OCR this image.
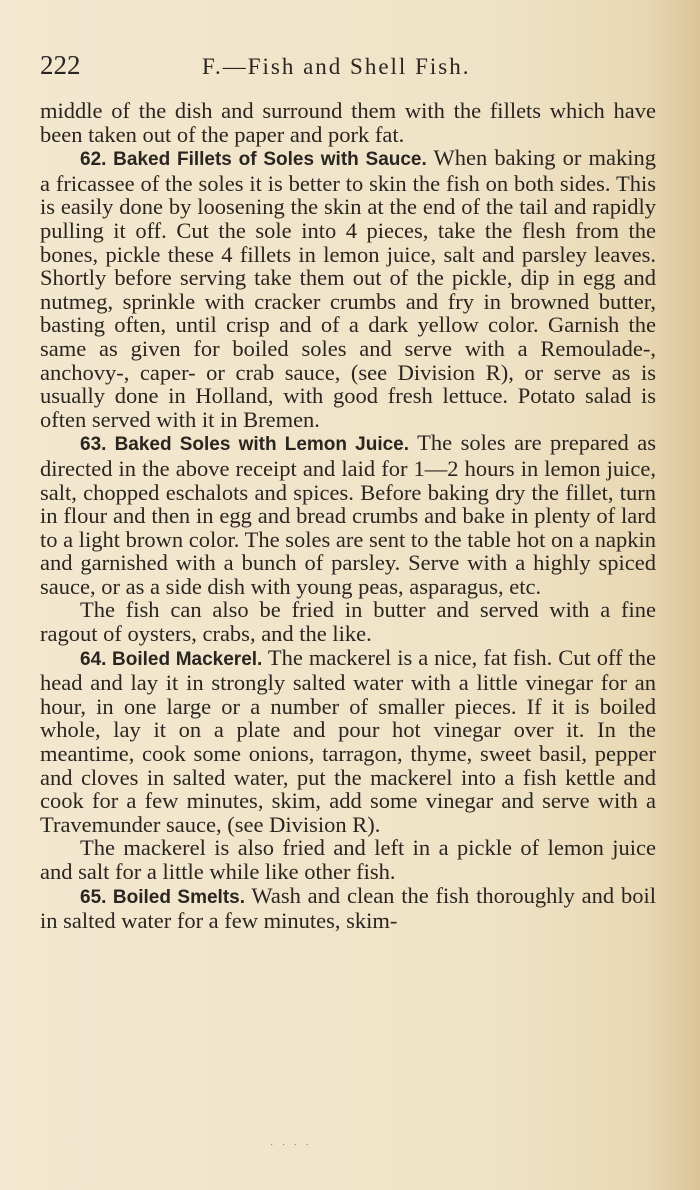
222	F.—Fish and Shell Fish.

middle of the dish and surround them with the fillets which have been taken out of the paper and pork fat.

62. Baked Fillets of Soles with Sauce. When baking or making a fricassee of the soles it is better to skin the fish on both sides. This is easily done by loosening the skin at the end of the tail and rapidly pulling it off. Cut the sole into 4 pieces, take the flesh from the bones, pickle these 4 fillets in lemon juice, salt and parsley leaves. Shortly before serving take them out of the pickle, dip in egg and nutmeg, sprinkle with cracker crumbs and fry in browned butter, basting often, until crisp and of a dark yellow color. Garnish the same as given for boiled soles and serve with a Remoulade-, anchovy-, caper- or crab sauce, (see Division R), or serve as is usually done in Holland, with good fresh lettuce. Potato salad is often served with it in Bremen.

63. Baked Soles with Lemon Juice. The soles are prepared as directed in the above receipt and laid for 1—2 hours in lemon juice, salt, chopped eschalots and spices. Before baking dry the fillet, turn in flour and then in egg and bread crumbs and bake in plenty of lard to a light brown color. The soles are sent to the table hot on a napkin and garnished with a bunch of parsley. Serve with a highly spiced sauce, or as a side dish with young peas, asparagus, etc.

The fish can also be fried in butter and served with a fine ragout of oysters, crabs, and the like.

64. Boiled Mackerel. The mackerel is a nice, fat fish. Cut off the head and lay it in strongly salted water with a little vinegar for an hour, in one large or a number of smaller pieces. If it is boiled whole, lay it on a plate and pour hot vinegar over it. In the meantime, cook some onions, tarragon, thyme, sweet basil, pepper and cloves in salted water, put the mackerel into a fish kettle and cook for a few minutes, skim, add some vinegar and serve with a Travemunder sauce, (see Division R).

The mackerel is also fried and left in a pickle of lemon juice and salt for a little while like other fish.

65. Boiled Smelts. Wash and clean the fish thoroughly and boil in salted water for a few minutes, skim-

· · · ·
